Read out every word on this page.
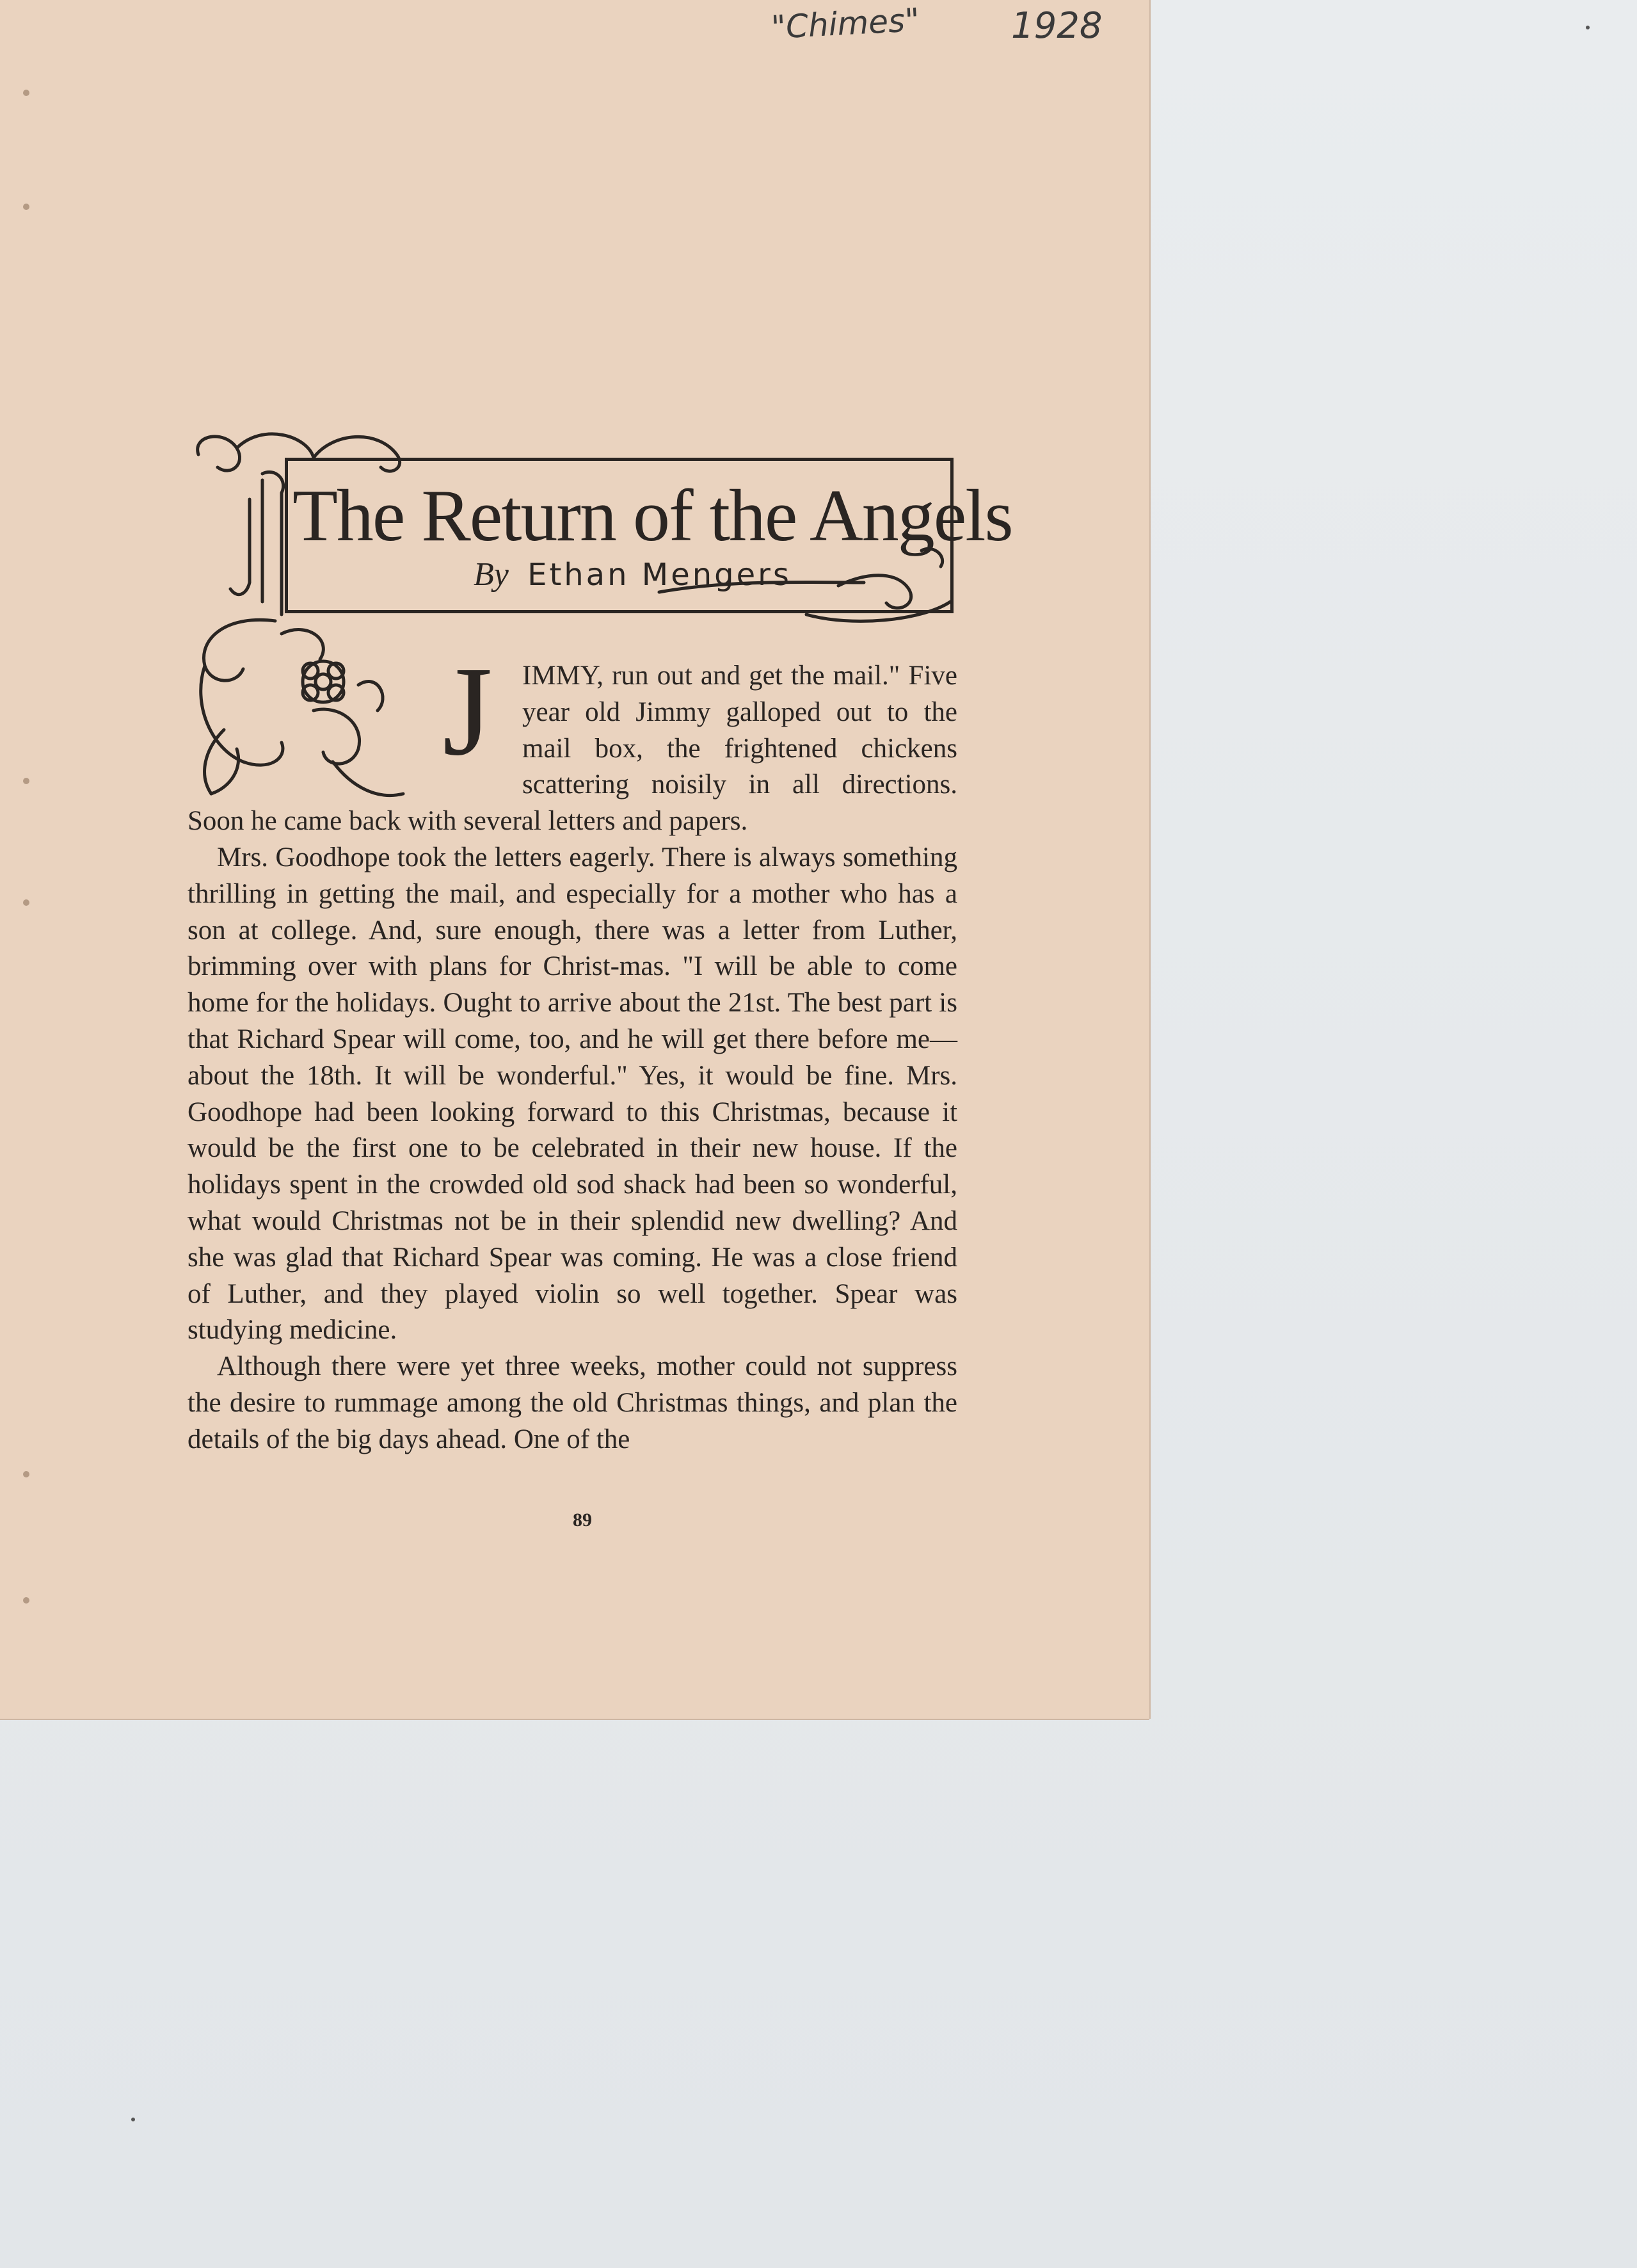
"Chimes"	1928
The Return of the Angels
By Ethan Mengers

J	IMMY, run out and get the mail." Five year old Jimmy galloped out to the mail box, the frightened chickens scattering noisily in all directions. Soon he came back with several letters and papers.

Mrs. Goodhope took the letters eagerly. There is always something thrilling in getting the mail, and especially for a mother who has a son at college. And, sure enough, there was a letter from Luther, brimming over with plans for Christ-mas. "I will be able to come home for the holidays. Ought to arrive about the 21st. The best part is that Richard Spear will come, too, and he will get there before me—about the 18th. It will be wonderful." Yes, it would be fine. Mrs. Goodhope had been looking forward to this Christmas, because it would be the first one to be celebrated in their new house. If the holidays spent in the crowded old sod shack had been so wonderful, what would Christmas not be in their splendid new dwelling? And she was glad that Richard Spear was coming. He was a close friend of Luther, and they played violin so well together. Spear was studying medicine.

Although there were yet three weeks, mother could not suppress the desire to rummage among the old Christmas things, and plan the details of the big days ahead. One of the

89
